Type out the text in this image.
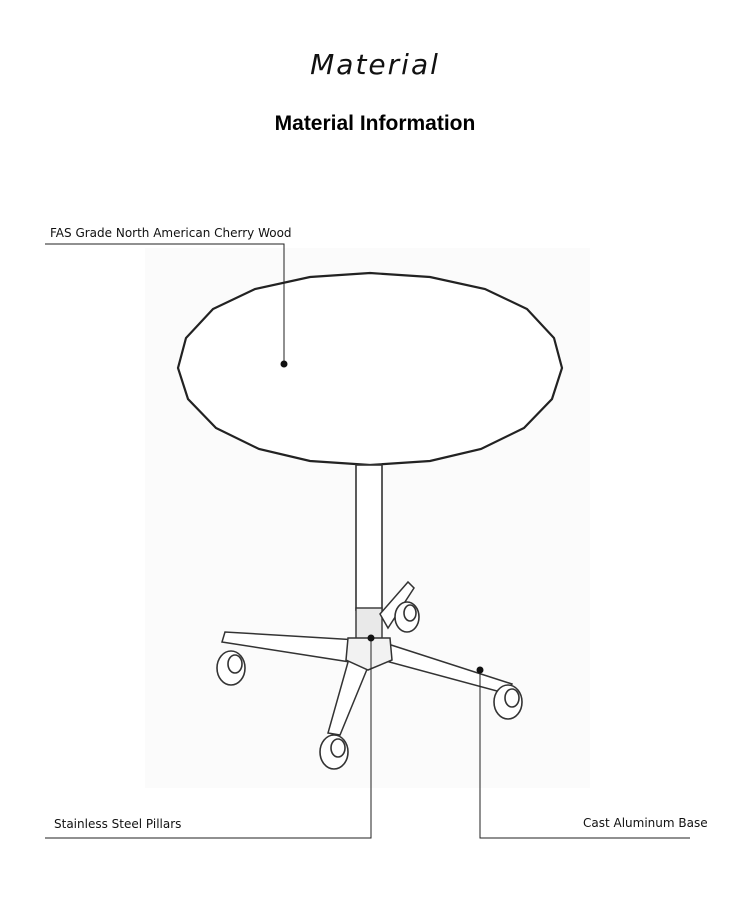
Material
Material Information
FAS Grade North American Cherry Wood
Stainless Steel Pillars	Cast Aluminum Base
